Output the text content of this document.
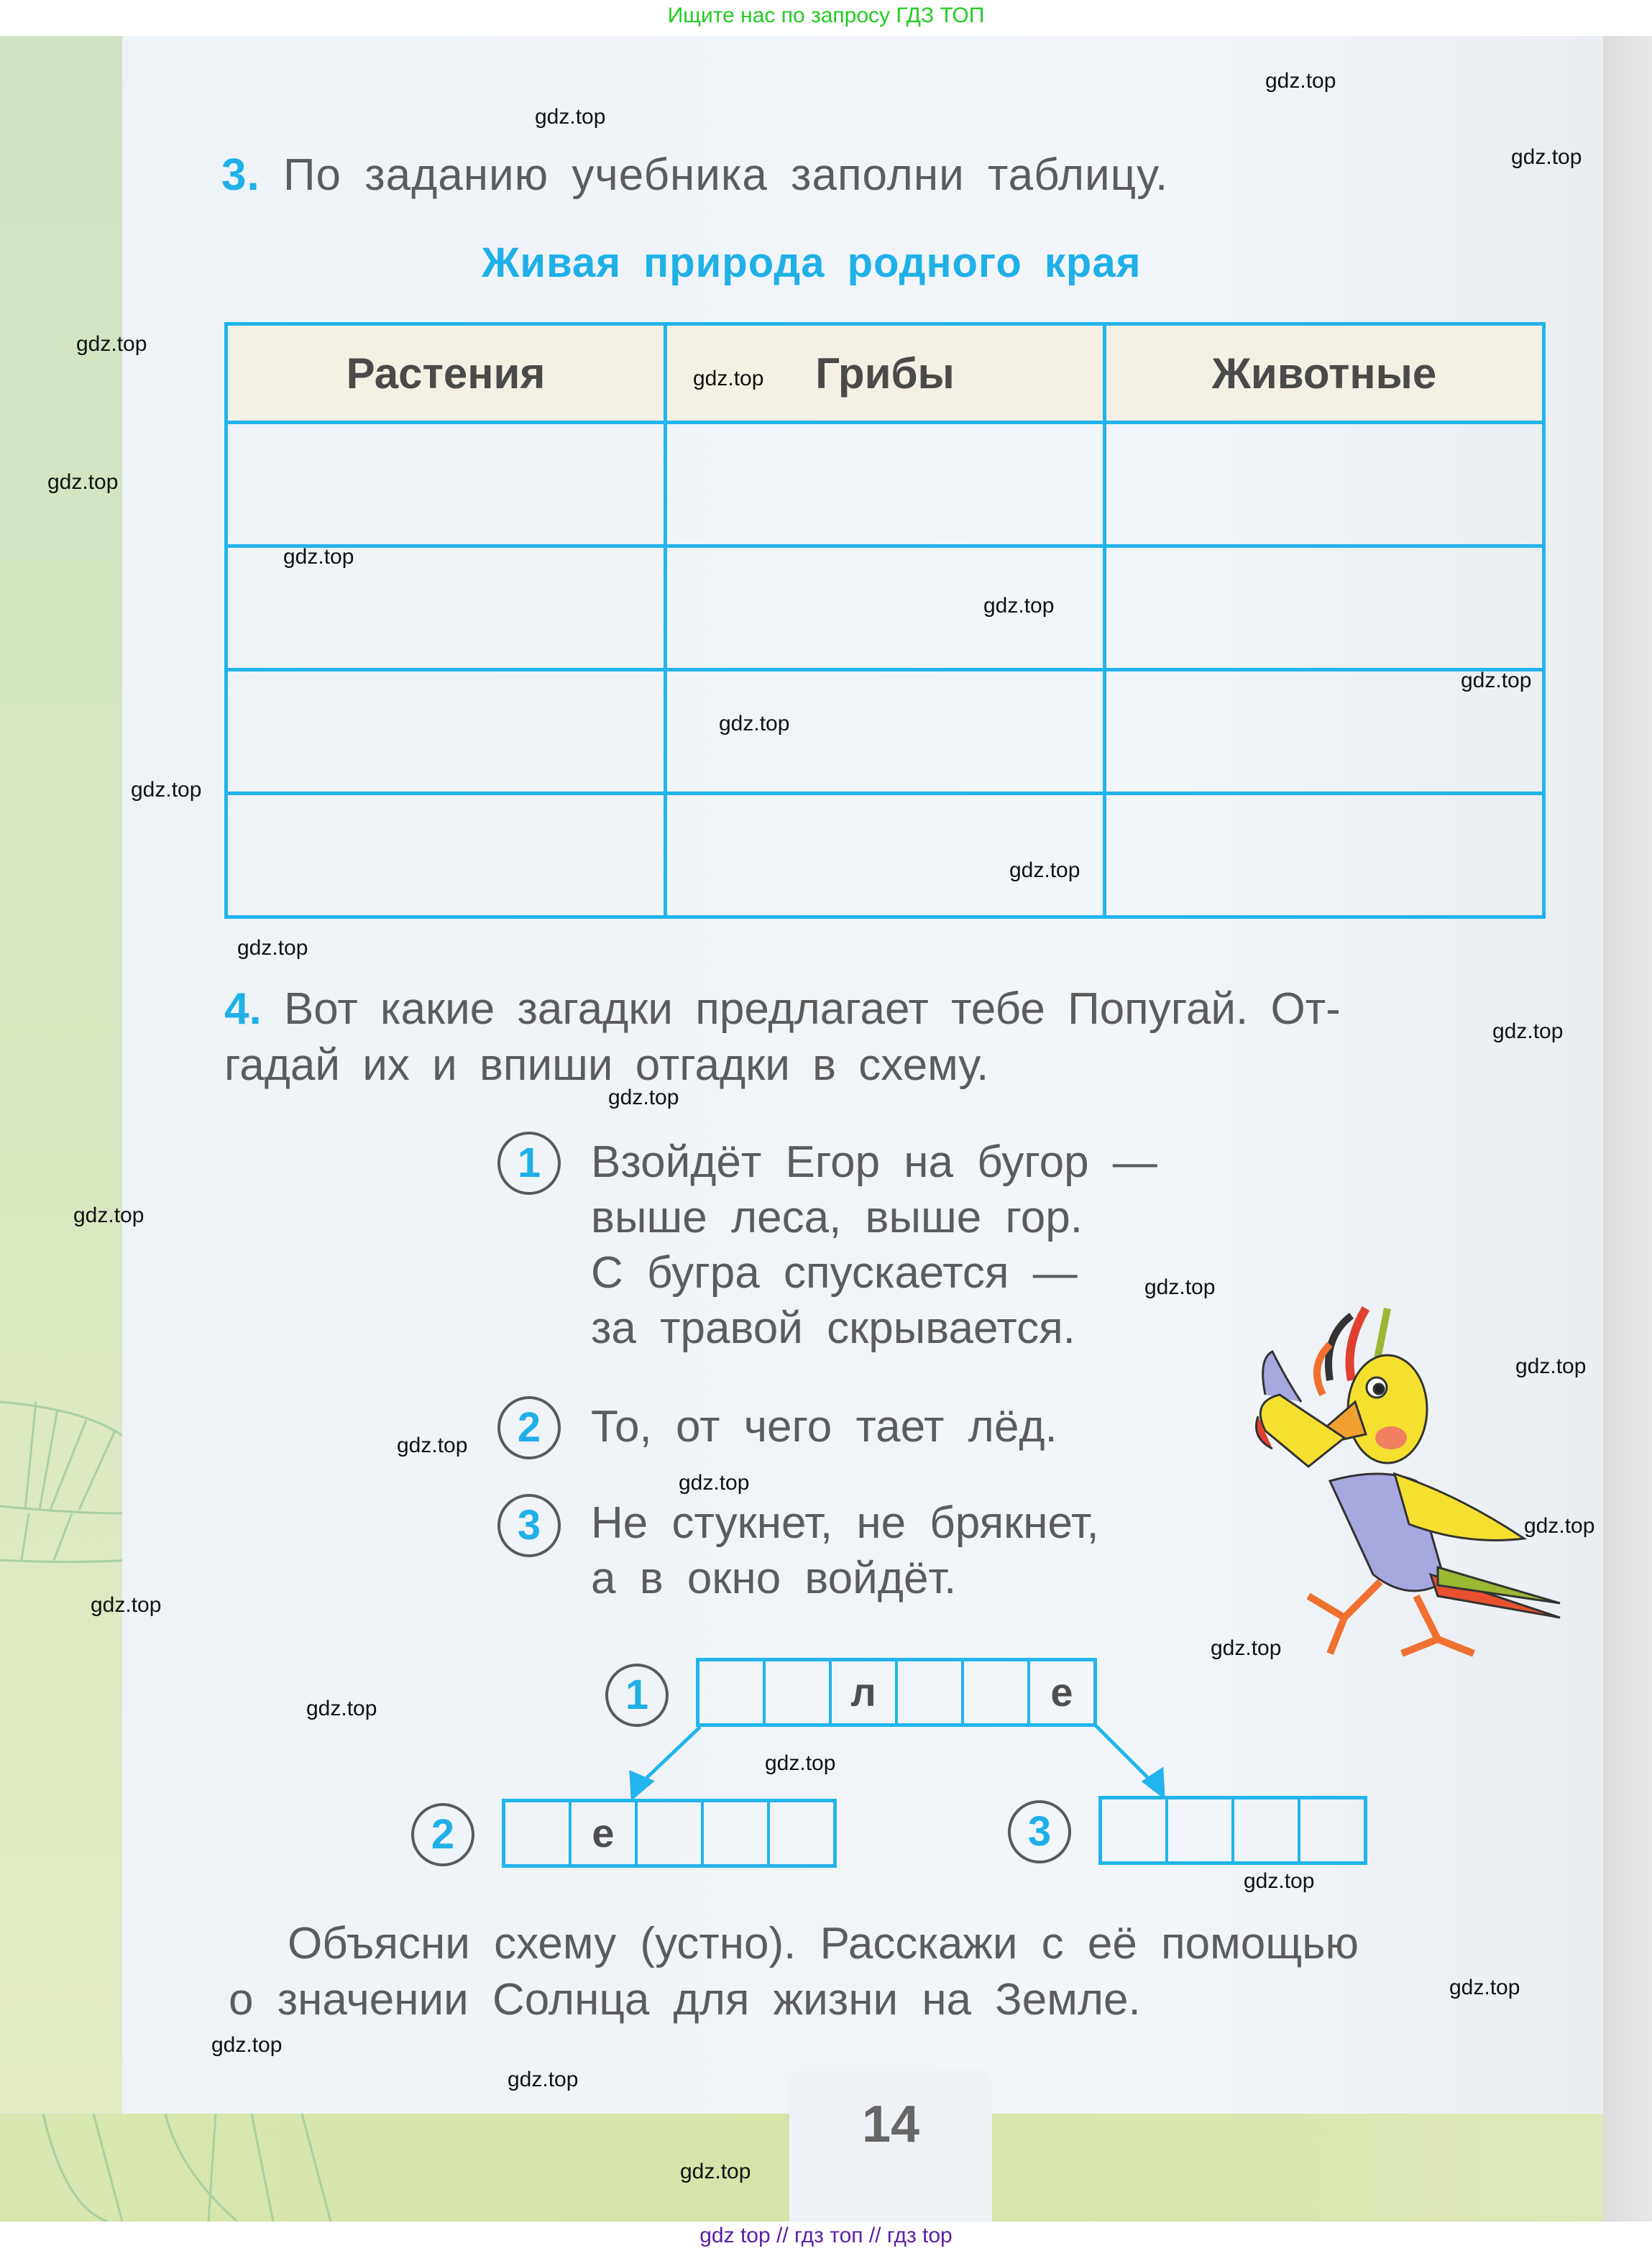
Ищите нас по запросу ГДЗ ТОП
3. По заданию учебника заполни таблицу.
Живая природа родного края
Растения	Грибы	Животные

4. Вот какие загадки предлагает тебе Попугай. От-
гадай их и впиши отгадки в схему.
1	Взойдёт Егор на бугор —
выше леса, выше гор.
С бугра спускается —
за травой скрывается.
2	То, от чего тает лёд.
3	Не стукнет, не брякнет,
а в окно войдёт.
1	л	е
2	е	3
Объясни схему (устно). Расскажи с её помощью
о значении Солнца для жизни на Земле.
14
gdz.top
gdz.top
gdz.top
gdz.top
gdz.top
gdz.top
gdz.top
gdz.top
gdz.top
gdz.top
gdz.top
gdz.top
gdz.top
gdz.top
gdz.top
gdz.top
gdz.top
gdz.top
gdz.top
gdz.top
gdz.top
gdz.top
gdz.top
gdz.top
gdz.top
gdz.top
gdz.top
gdz.top
gdz.top
gdz.top
gdz top // гдз топ // гдз top
